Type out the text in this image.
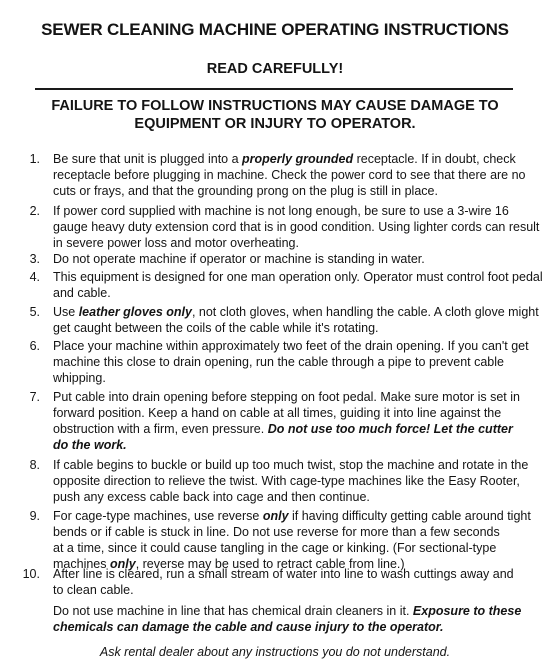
SEWER CLEANING MACHINE OPERATING INSTRUCTIONS
READ CAREFULLY!
FAILURE TO FOLLOW INSTRUCTIONS MAY CAUSE DAMAGE TO
EQUIPMENT OR INJURY TO OPERATOR.
1. Be sure that unit is plugged into a properly grounded receptacle. If in doubt, check
receptacle before plugging in machine. Check the power cord to see that there are no
cuts or frays, and that the grounding prong on the plug is still in place.
2. If power cord supplied with machine is not long enough, be sure to use a 3-wire 16
gauge heavy duty extension cord that is in good condition. Using lighter cords can result
in severe power loss and motor overheating.
3. Do not operate machine if operator or machine is standing in water.
4. This equipment is designed for one man operation only. Operator must control foot pedal
and cable.
5. Use leather gloves only, not cloth gloves, when handling the cable. A cloth glove might
get caught between the coils of the cable while it's rotating.
6. Place your machine within approximately two feet of the drain opening. If you can't get
machine this close to drain opening, run the cable through a pipe to prevent cable
whipping.
7. Put cable into drain opening before stepping on foot pedal. Make sure motor is set in
forward position. Keep a hand on cable at all times, guiding it into line against the
obstruction with a firm, even pressure. Do not use too much force! Let the cutter
do the work.
8. If cable begins to buckle or build up too much twist, stop the machine and rotate in the
opposite direction to relieve the twist. With cage-type machines like the Easy Rooter,
push any excess cable back into cage and then continue.
9. For cage-type machines, use reverse only if having difficulty getting cable around tight
bends or if cable is stuck in line. Do not use reverse for more than a few seconds
at a time, since it could cause tangling in the cage or kinking. (For sectional-type
machines only, reverse may be used to retract cable from line.)
10. After line is cleared, run a small stream of water into line to wash cuttings away and
to clean cable.
Do not use machine in line that has chemical drain cleaners in it. Exposure to these
chemicals can damage the cable and cause injury to the operator.
Ask rental dealer about any instructions you do not understand.
